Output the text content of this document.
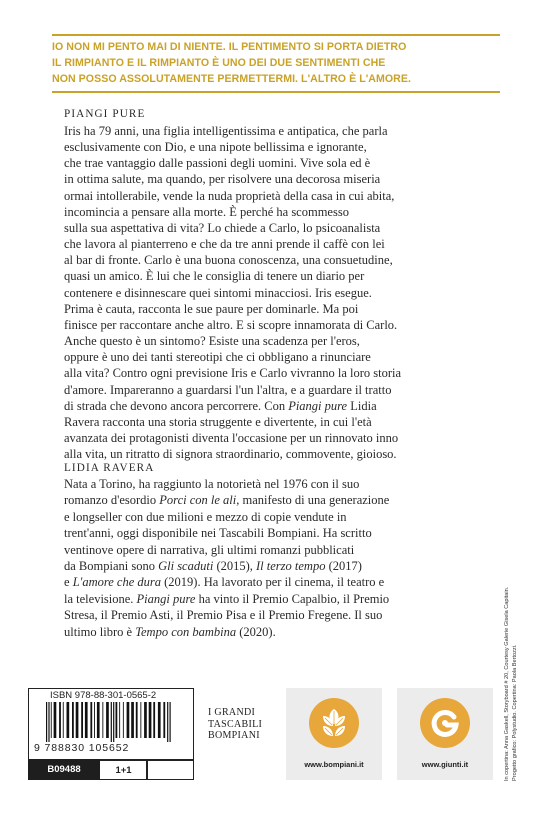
IO NON MI PENTO MAI DI NIENTE. IL PENTIMENTO SI PORTA DIETRO
IL RIMPIANTO E IL RIMPIANTO È UNO DEI DUE SENTIMENTI CHE
NON POSSO ASSOLUTAMENTE PERMETTERMI. L'ALTRO È L'AMORE.
PIANGI PURE
Iris ha 79 anni, una figlia intelligentissima e antipatica, che parla
esclusivamente con Dio, e una nipote bellissima e ignorante,
che trae vantaggio dalle passioni degli uomini. Vive sola ed è
in ottima salute, ma quando, per risolvere una decorosa miseria
ormai intollerabile, vende la nuda proprietà della casa in cui abita,
incomincia a pensare alla morte. È perché ha scommesso
sulla sua aspettativa di vita? Lo chiede a Carlo, lo psicoanalista
che lavora al pianterreno e che da tre anni prende il caffè con lei
al bar di fronte. Carlo è una buona conoscenza, una consuetudine,
quasi un amico. È lui che le consiglia di tenere un diario per
contenere e disinnescare quei sintomi minacciosi. Iris esegue.
Prima è cauta, racconta le sue paure per dominarle. Ma poi
finisce per raccontare anche altro. E si scopre innamorata di Carlo.
Anche questo è un sintomo? Esiste una scadenza per l'eros,
oppure è uno dei tanti stereotipi che ci obbligano a rinunciare
alla vita? Contro ogni previsione Iris e Carlo vivranno la loro storia
d'amore. Impareranno a guardarsi l'un l'altra, e a guardare il tratto
di strada che devono ancora percorrere. Con Piangi pure Lidia
Ravera racconta una storia struggente e divertente, in cui l'età
avanzata dei protagonisti diventa l'occasione per un rinnovato inno
alla vita, un ritratto di signora straordinario, commovente, gioioso.
LIDIA RAVERA
Nata a Torino, ha raggiunto la notorietà nel 1976 con il suo
romanzo d'esordio Porci con le ali, manifesto di una generazione
e longseller con due milioni e mezzo di copie vendute in
trent'anni, oggi disponibile nei Tascabili Bompiani. Ha scritto
ventinove opere di narrativa, gli ultimi romanzi pubblicati
da Bompiani sono Gli scaduti (2015), Il terzo tempo (2017)
e L'amore che dura (2019). Ha lavorato per il cinema, il teatro e
la televisione. Piangi pure ha vinto il Premio Capalbio, il Premio
Stresa, il Premio Asti, il Premio Pisa e il Premio Fregene. Il suo
ultimo libro è Tempo con bambina (2020).
ISBN 978-88-301-0565-2
9 788830 105652
B09488	1+1
I GRANDI
TASCABILI
BOMPIANI
www.bompiani.it	www.giunti.it	In copertina: Anna Gaskell, Storyboard # 20, Courtesy Galerie Gisela Capitain. Progetto grafico: Polystudio. Copertina: Paola Bertozzi.
